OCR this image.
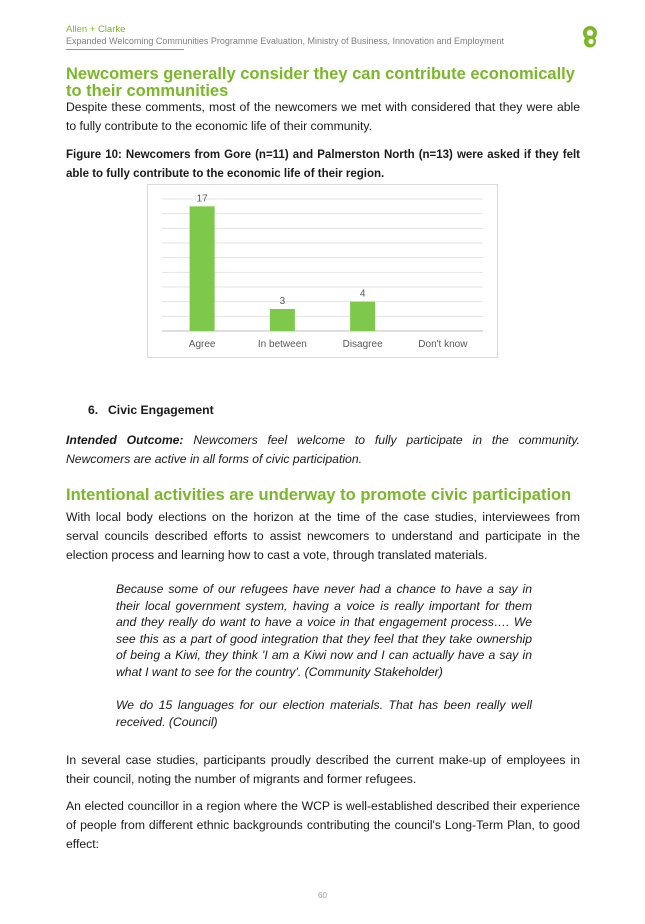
Allen + Clarke
Expanded Welcoming Communities Programme Evaluation, Ministry of Business, Innovation and Employment
Newcomers generally consider they can contribute economically to their communities
Despite these comments, most of the newcomers we met with considered that they were able to fully contribute to the economic life of their community.
Figure 10: Newcomers from Gore (n=11) and Palmerston North (n=13) were asked if they felt able to fully contribute to the economic life of their region.
17
Agree
3
In between
4
Disagree	Don't know
6. Civic Engagement
Intended Outcome: Newcomers feel welcome to fully participate in the community. Newcomers are active in all forms of civic participation.
Intentional activities are underway to promote civic participation
With local body elections on the horizon at the time of the case studies, interviewees from serval councils described efforts to assist newcomers to understand and participate in the election process and learning how to cast a vote, through translated materials.
Because some of our refugees have never had a chance to have a say in their local government system, having a voice is really important for them and they really do want to have a voice in that engagement process…. We see this as a part of good integration that they feel that they take ownership of being a Kiwi, they think 'I am a Kiwi now and I can actually have a say in what I want to see for the country'. (Community Stakeholder)
We do 15 languages for our election materials. That has been really well received. (Council)
In several case studies, participants proudly described the current make-up of employees in their council, noting the number of migrants and former refugees.
An elected councillor in a region where the WCP is well-established described their experience of people from different ethnic backgrounds contributing the council's Long-Term Plan, to good effect:
60
